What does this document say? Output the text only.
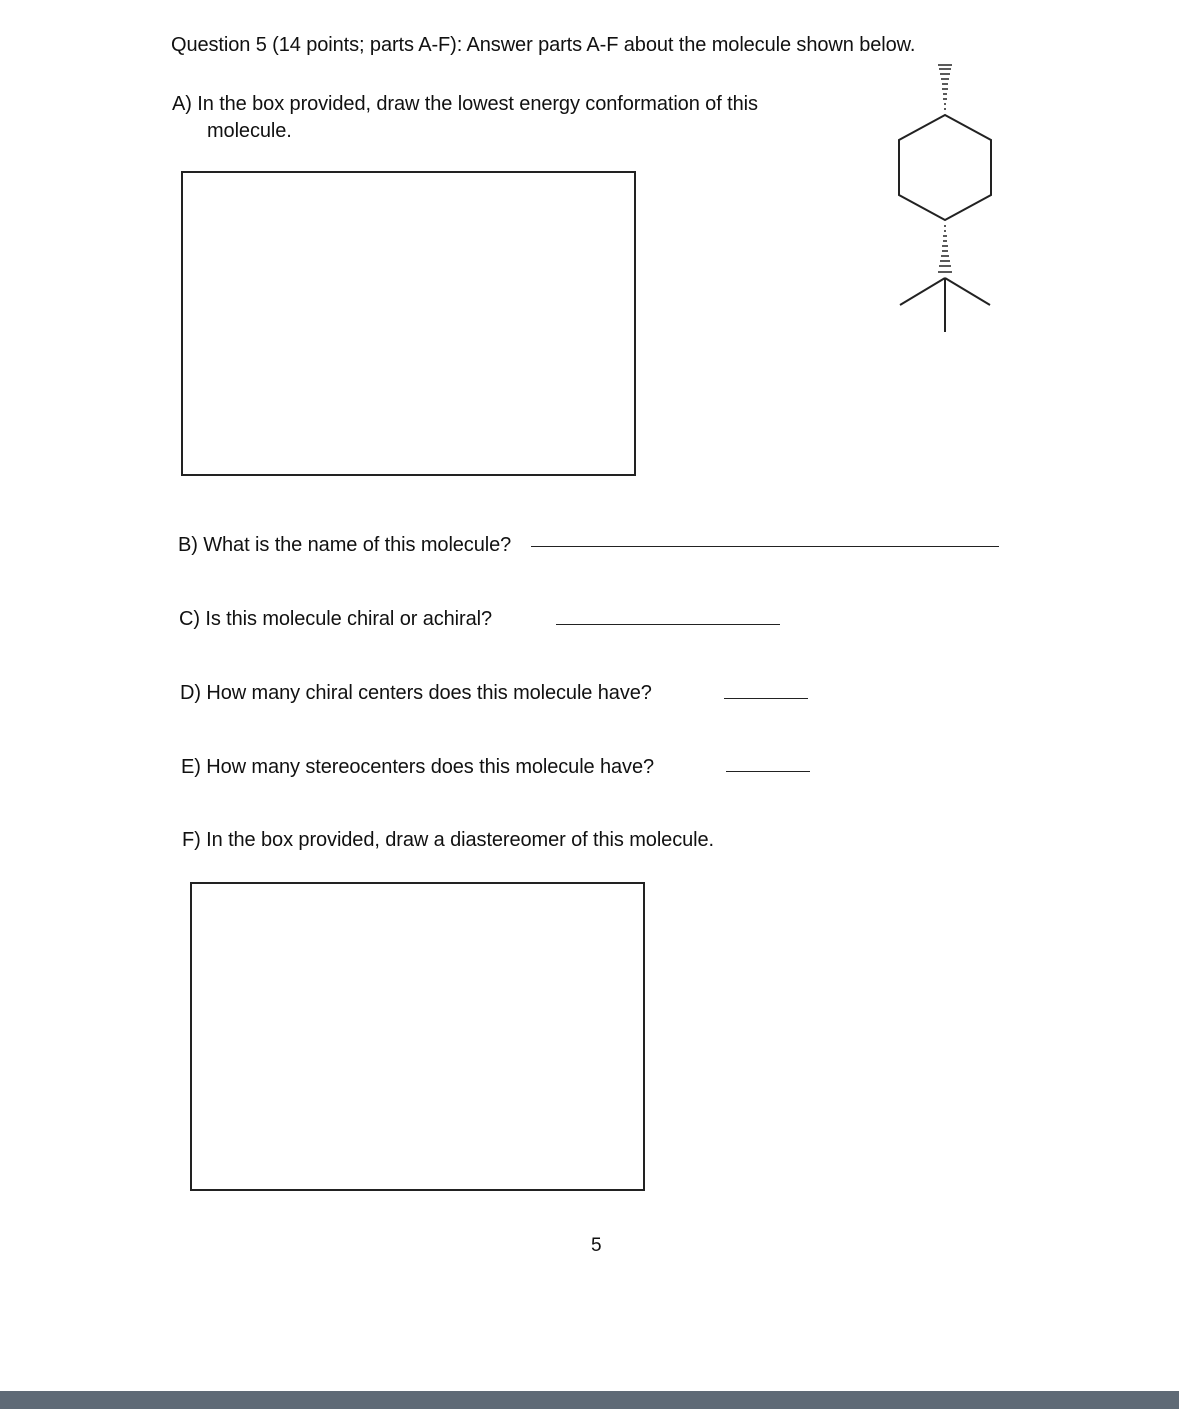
Question 5 (14 points; parts A-F): Answer parts A-F about the molecule shown below.
A) In the box provided, draw the lowest energy conformation of this
molecule.
B) What is the name of this molecule?
C) Is this molecule chiral or achiral?
D) How many chiral centers does this molecule have?
E) How many stereocenters does this molecule have?
F) In the box provided, draw a diastereomer of this molecule.
5
